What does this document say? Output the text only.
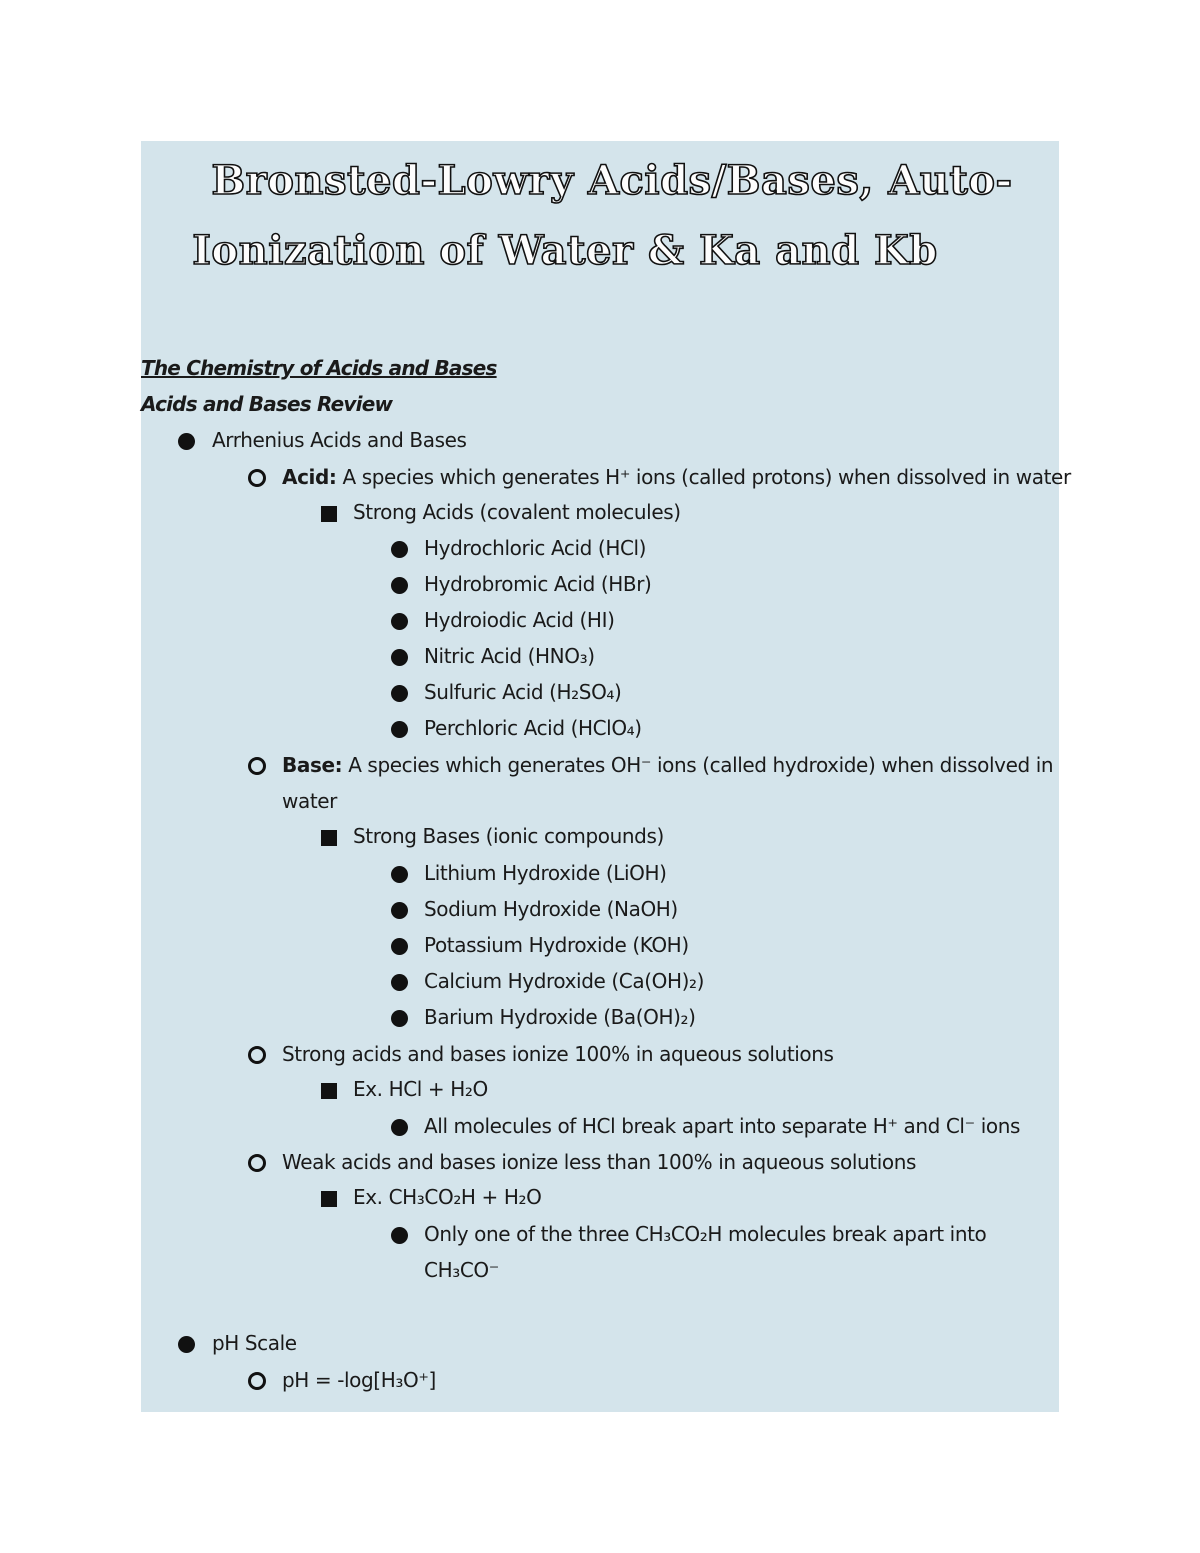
Bronsted-Lowry Acids/Bases, Auto-
Ionization of Water & Ka and Kb
The Chemistry of Acids and Bases
Acids and Bases Review
Arrhenius Acids and Bases
Acid: A species which generates H⁺ ions (called protons) when dissolved in water
Strong Acids (covalent molecules)
Hydrochloric Acid (HCl)
Hydrobromic Acid (HBr)
Hydroiodic Acid (HI)
Nitric Acid (HNO₃)
Sulfuric Acid (H₂SO₄)
Perchloric Acid (HClO₄)
Base: A species which generates OH⁻ ions (called hydroxide) when dissolved in
water
Strong Bases (ionic compounds)
Lithium Hydroxide (LiOH)
Sodium Hydroxide (NaOH)
Potassium Hydroxide (KOH)
Calcium Hydroxide (Ca(OH)₂)
Barium Hydroxide (Ba(OH)₂)
Strong acids and bases ionize 100% in aqueous solutions
Ex. HCl + H₂O
All molecules of HCl break apart into separate H⁺ and Cl⁻ ions
Weak acids and bases ionize less than 100% in aqueous solutions
Ex. CH₃CO₂H + H₂O
Only one of the three CH₃CO₂H molecules break apart into
CH₃CO⁻
pH Scale
pH = -log[H₃O⁺]
